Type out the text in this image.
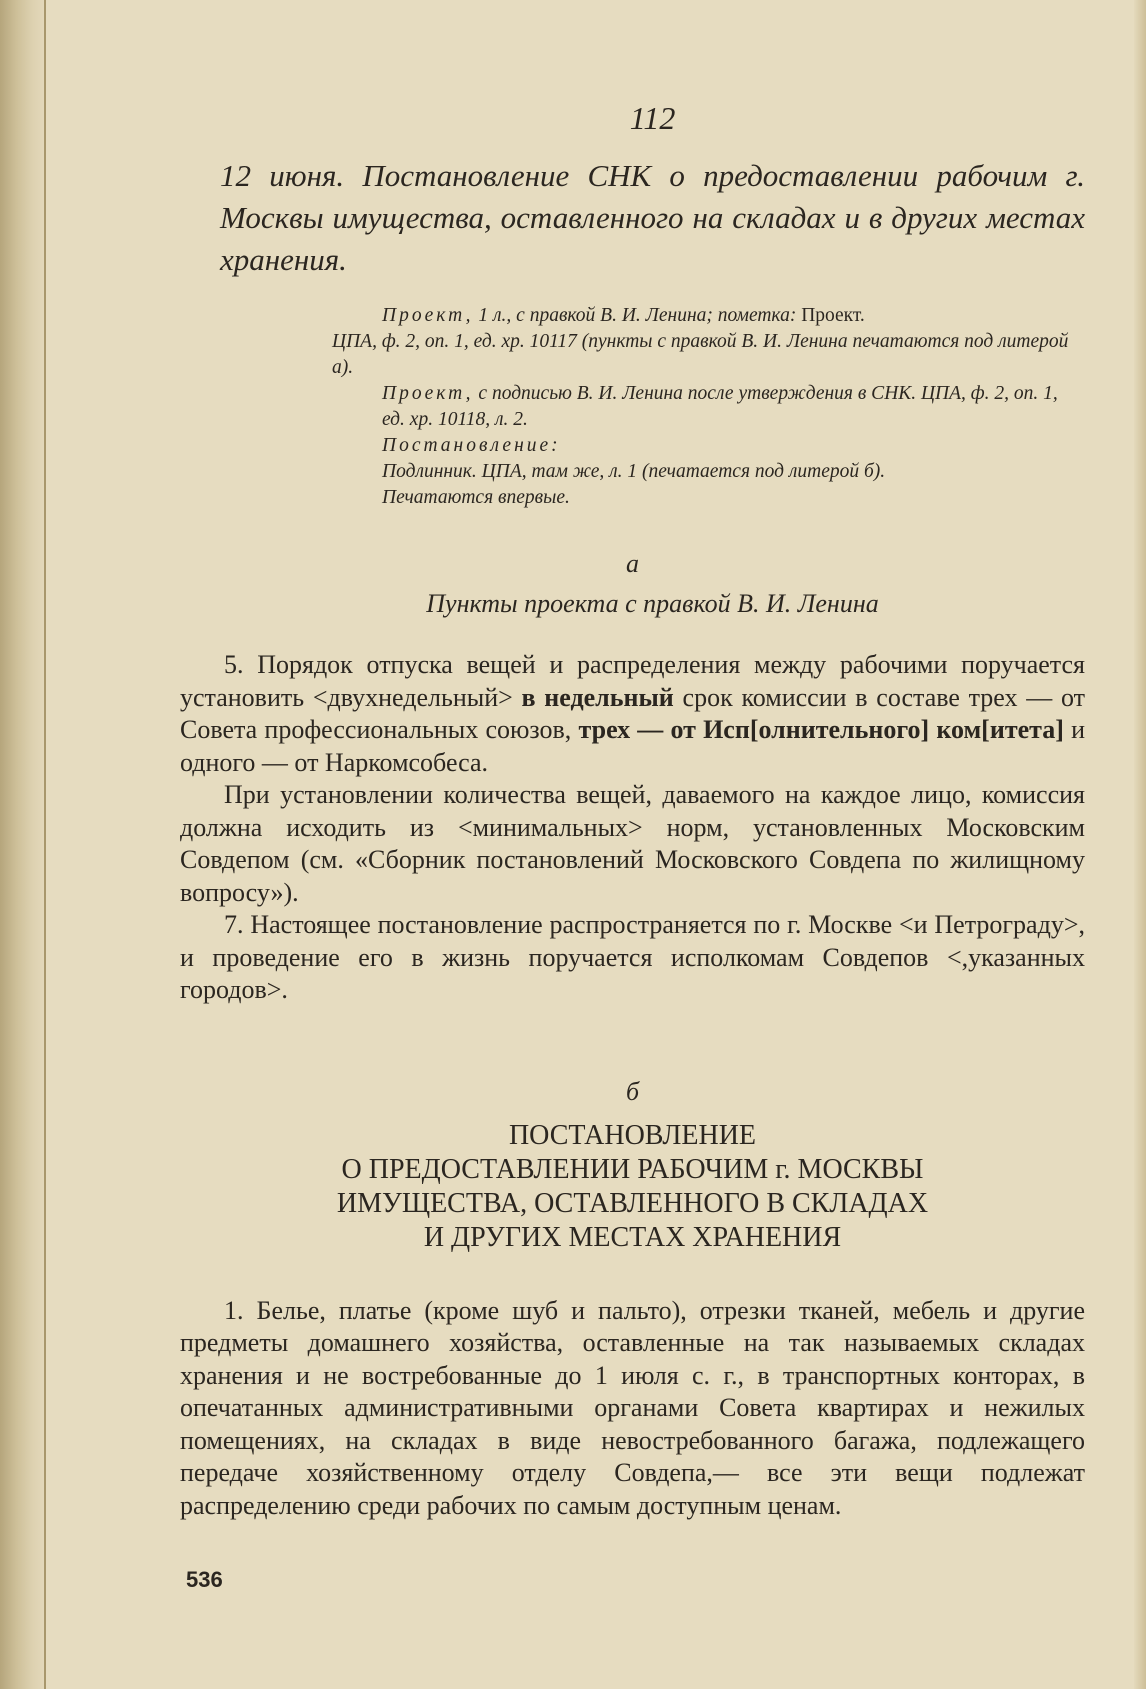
112
12 июня. Постановление СНК о предоставлении рабочим г. Москвы имущества, оставленного на складах и в других местах хранения.
Проект, 1 л., с правкой В. И. Ленина; пометка: Проект.
ЦПА, ф. 2, оп. 1, ед. хр. 10117 (пункты с правкой В. И. Ленина печатаются под литерой а).
Проект, с подписью В. И. Ленина после утверждения в СНК. ЦПА, ф. 2, оп. 1, ед. хр. 10118, л. 2.
Постановление:
Подлинник. ЦПА, там же, л. 1 (печатается под литерой б).
Печатаются впервые.
а
Пункты проекта с правкой В. И. Ленина

5. Порядок отпуска вещей и распределения между рабочими поручается установить <двухнедельный> в недельный срок комиссии в составе трех — от Совета профессиональных союзов, трех — от Исп[олнительного] ком[итета] и одного — от Наркомсобеса.

При установлении количества вещей, даваемого на каждое лицо, комиссия должна исходить из <минимальных> норм, установленных Московским Совдепом (см. «Сборник постановлений Московского Совдепа по жилищному вопросу»).

7. Настоящее постановление распространяется по г. Москве <и Петрограду>, и проведение его в жизнь поручается исполкомам Совдепов <,указанных городов>.

б
ПОСТАНОВЛЕНИЕ
О ПРЕДОСТАВЛЕНИИ РАБОЧИМ г. МОСКВЫ
ИМУЩЕСТВА, ОСТАВЛЕННОГО В СКЛАДАХ
И ДРУГИХ МЕСТАХ ХРАНЕНИЯ

1. Белье, платье (кроме шуб и пальто), отрезки тканей, мебель и другие предметы домашнего хозяйства, оставленные на так называемых складах хранения и не востребованные до 1 июля с. г., в транспортных конторах, в опечатанных административными органами Совета квартирах и нежилых помещениях, на складах в виде невостребованного багажа, подлежащего передаче хозяйственному отделу Совдепа,— все эти вещи подлежат распределению среди рабочих по самым доступным ценам.

536
